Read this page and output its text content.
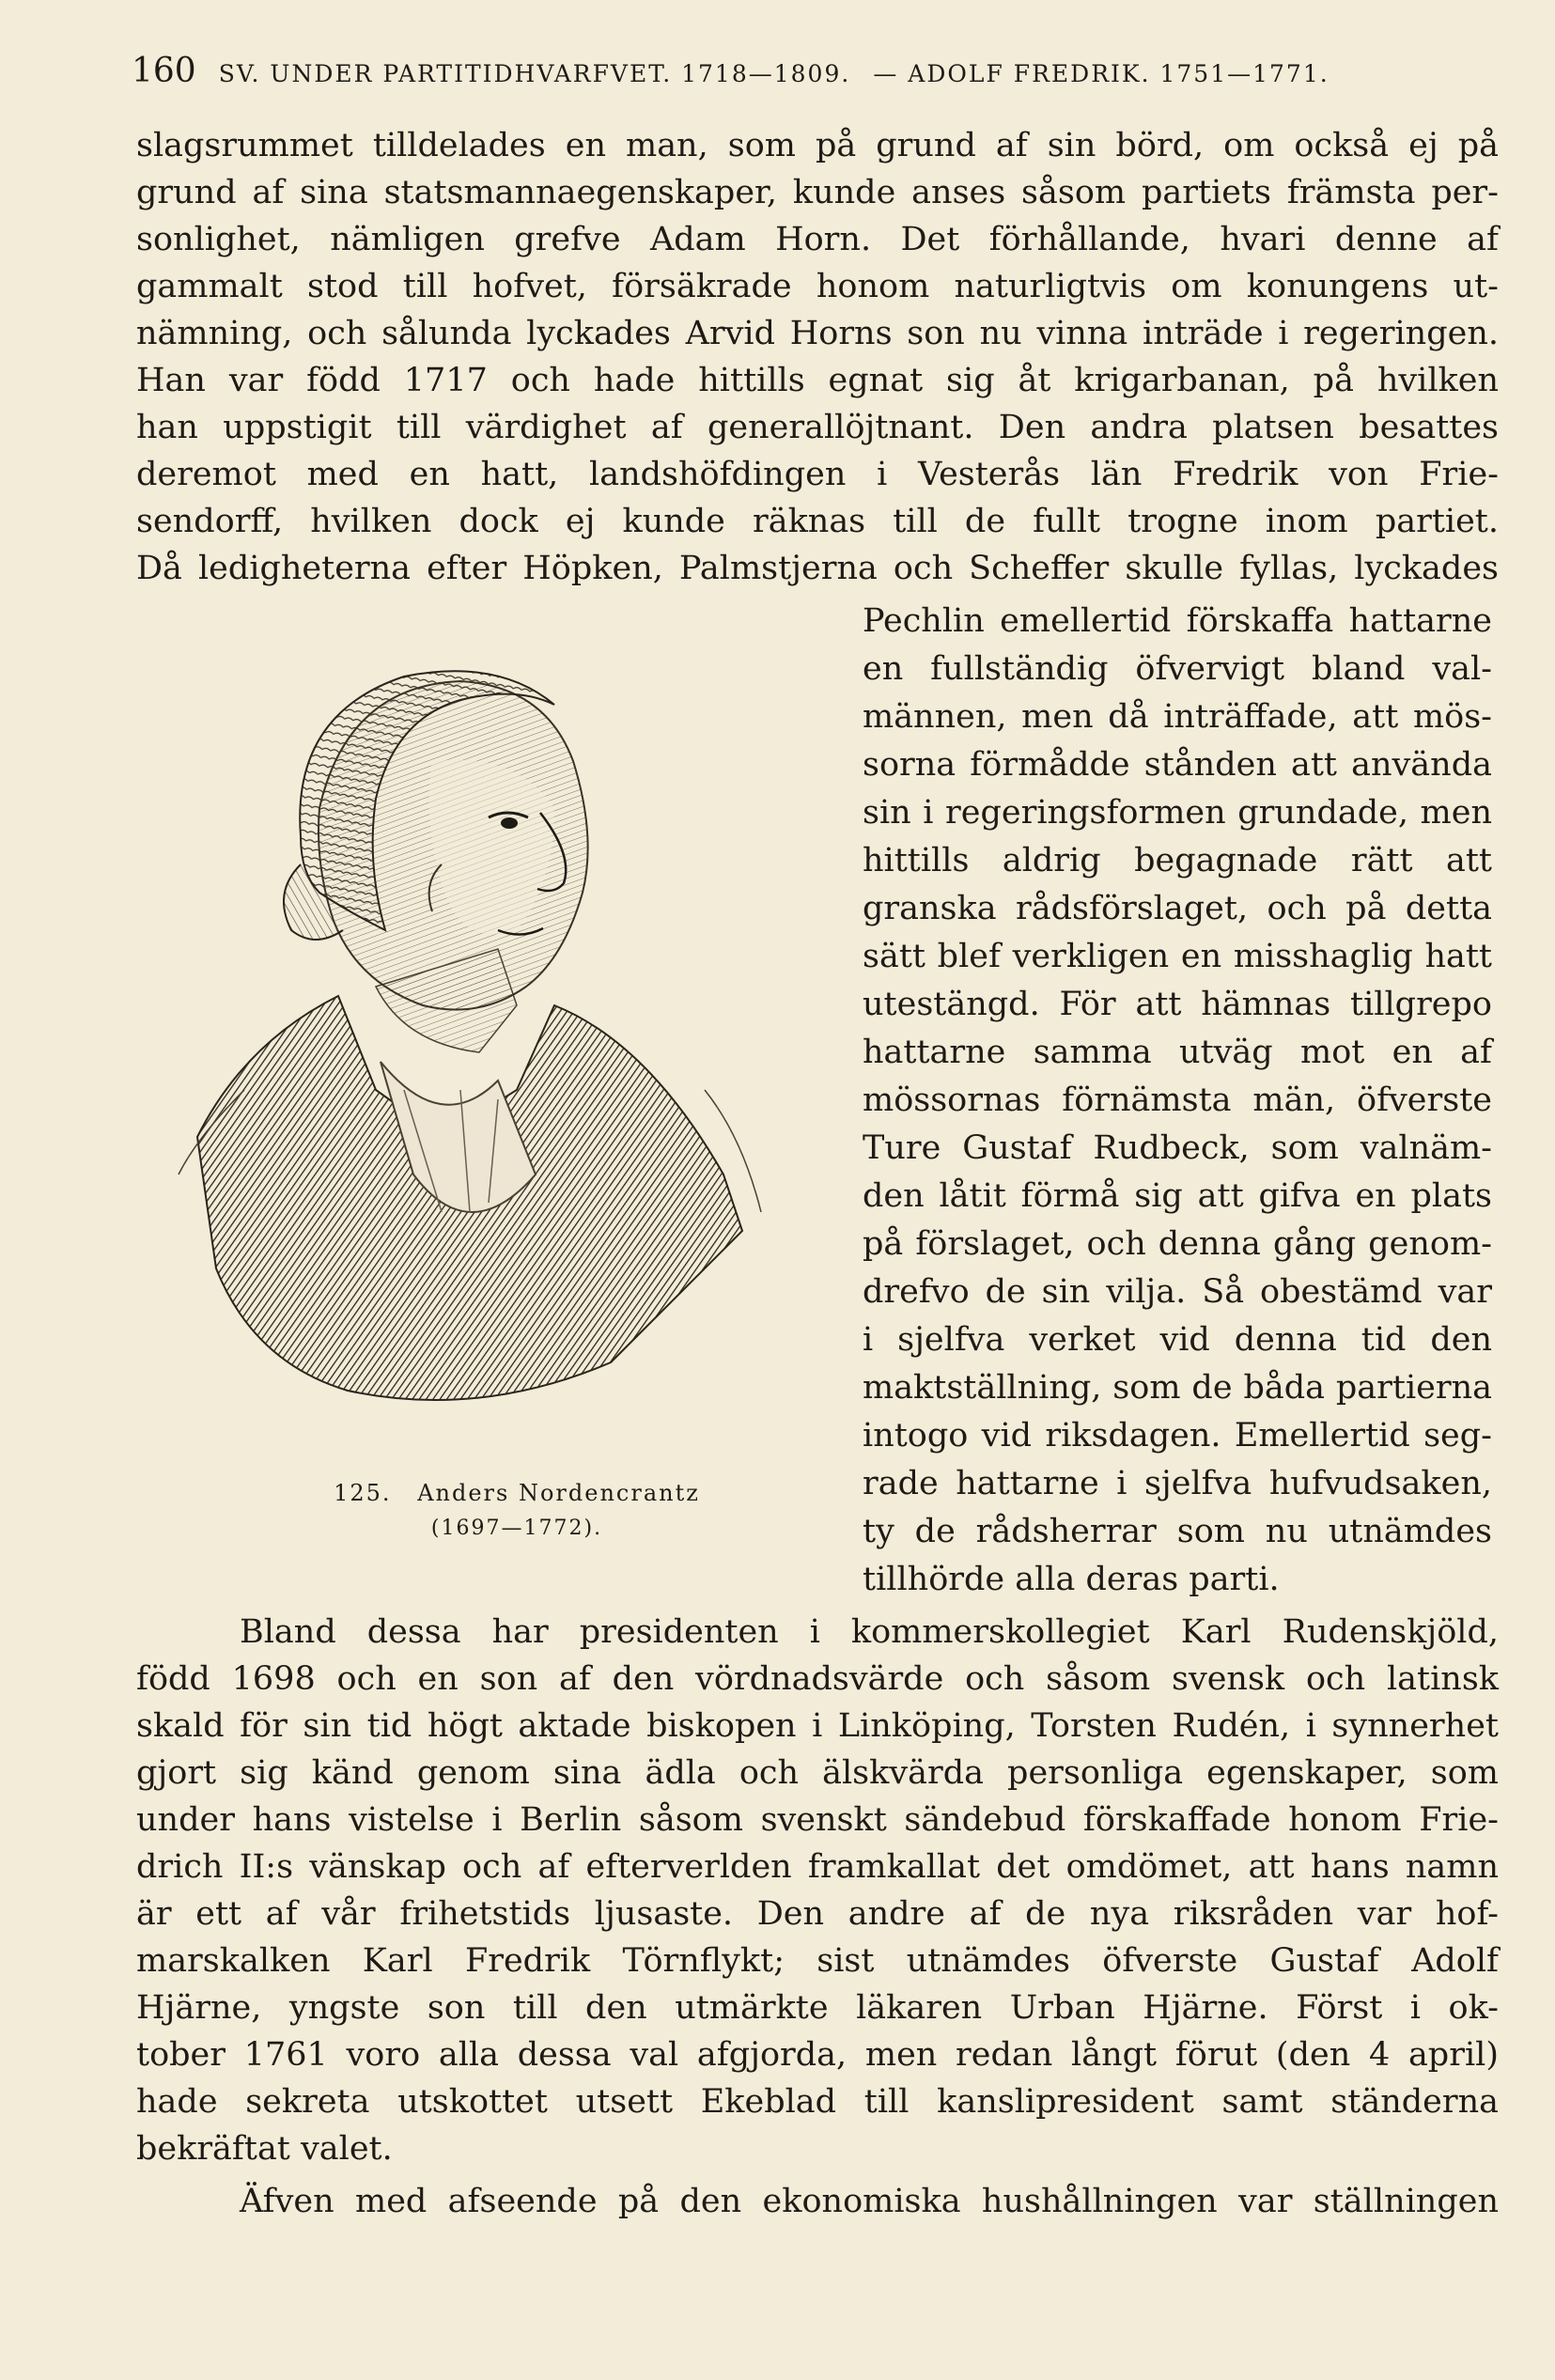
160 SV. UNDER PARTITIDHVARFVET. 1718—1809. — ADOLF FREDRIK. 1751—1771.
slagsrummet tilldelades en man, som på grund af sin börd, om också ej på
grund af sina statsmannaegenskaper, kunde anses såsom partiets främsta per-
sonlighet, nämligen grefve Adam Horn. Det förhållande, hvari denne af
gammalt stod till hofvet, försäkrade honom naturligtvis om konungens ut-
nämning, och sålunda lyckades Arvid Horns son nu vinna inträde i regeringen.
Han var född 1717 och hade hittills egnat sig åt krigarbanan, på hvilken
han uppstigit till värdighet af generallöjtnant. Den andra platsen besattes
deremot med en hatt, landshöfdingen i Vesterås län Fredrik von Frie-
sendorff, hvilken dock ej kunde räknas till de fullt trogne inom partiet.
Då ledigheterna efter Höpken, Palmstjerna och Scheffer skulle fyllas, lyckades
Pechlin emellertid förskaffa hattarne
en fullständig öfvervigt bland val-
männen, men då inträffade, att mös-
sorna förmådde stånden att använda
sin i regeringsformen grundade, men
hittills aldrig begagnade rätt att
granska rådsförslaget, och på detta
sätt blef verkligen en misshaglig hatt
utestängd. För att hämnas tillgrepo
hattarne samma utväg mot en af
mössornas förnämsta män, öfverste
Ture Gustaf Rudbeck, som valnäm-
den låtit förmå sig att gifva en plats
på förslaget, och denna gång genom-
drefvo de sin vilja. Så obestämd var
i sjelfva verket vid denna tid den
maktställning, som de båda partierna
intogo vid riksdagen. Emellertid seg-
rade hattarne i sjelfva hufvudsaken,
ty de rådsherrar som nu utnämdes
tillhörde alla deras parti.
Bland dessa har presidenten i kommerskollegiet Karl Rudenskjöld,
född 1698 och en son af den vördnadsvärde och såsom svensk och latinsk
skald för sin tid högt aktade biskopen i Linköping, Torsten Rudén, i synnerhet
gjort sig känd genom sina ädla och älskvärda personliga egenskaper, som
under hans vistelse i Berlin såsom svenskt sändebud förskaffade honom Frie-
drich II:s vänskap och af efterverlden framkallat det omdömet, att hans namn
är ett af vår frihetstids ljusaste. Den andre af de nya riksråden var hof-
marskalken Karl Fredrik Törnflykt; sist utnämdes öfverste Gustaf Adolf
Hjärne, yngste son till den utmärkte läkaren Urban Hjärne. Först i ok-
tober 1761 voro alla dessa val afgjorda, men redan långt förut (den 4 april)
hade sekreta utskottet utsett Ekeblad till kanslipresident samt ständerna
bekräftat valet.
Äfven med afseende på den ekonomiska hushållningen var ställningen
125. Anders Nordencrantz
(1697—1772).
